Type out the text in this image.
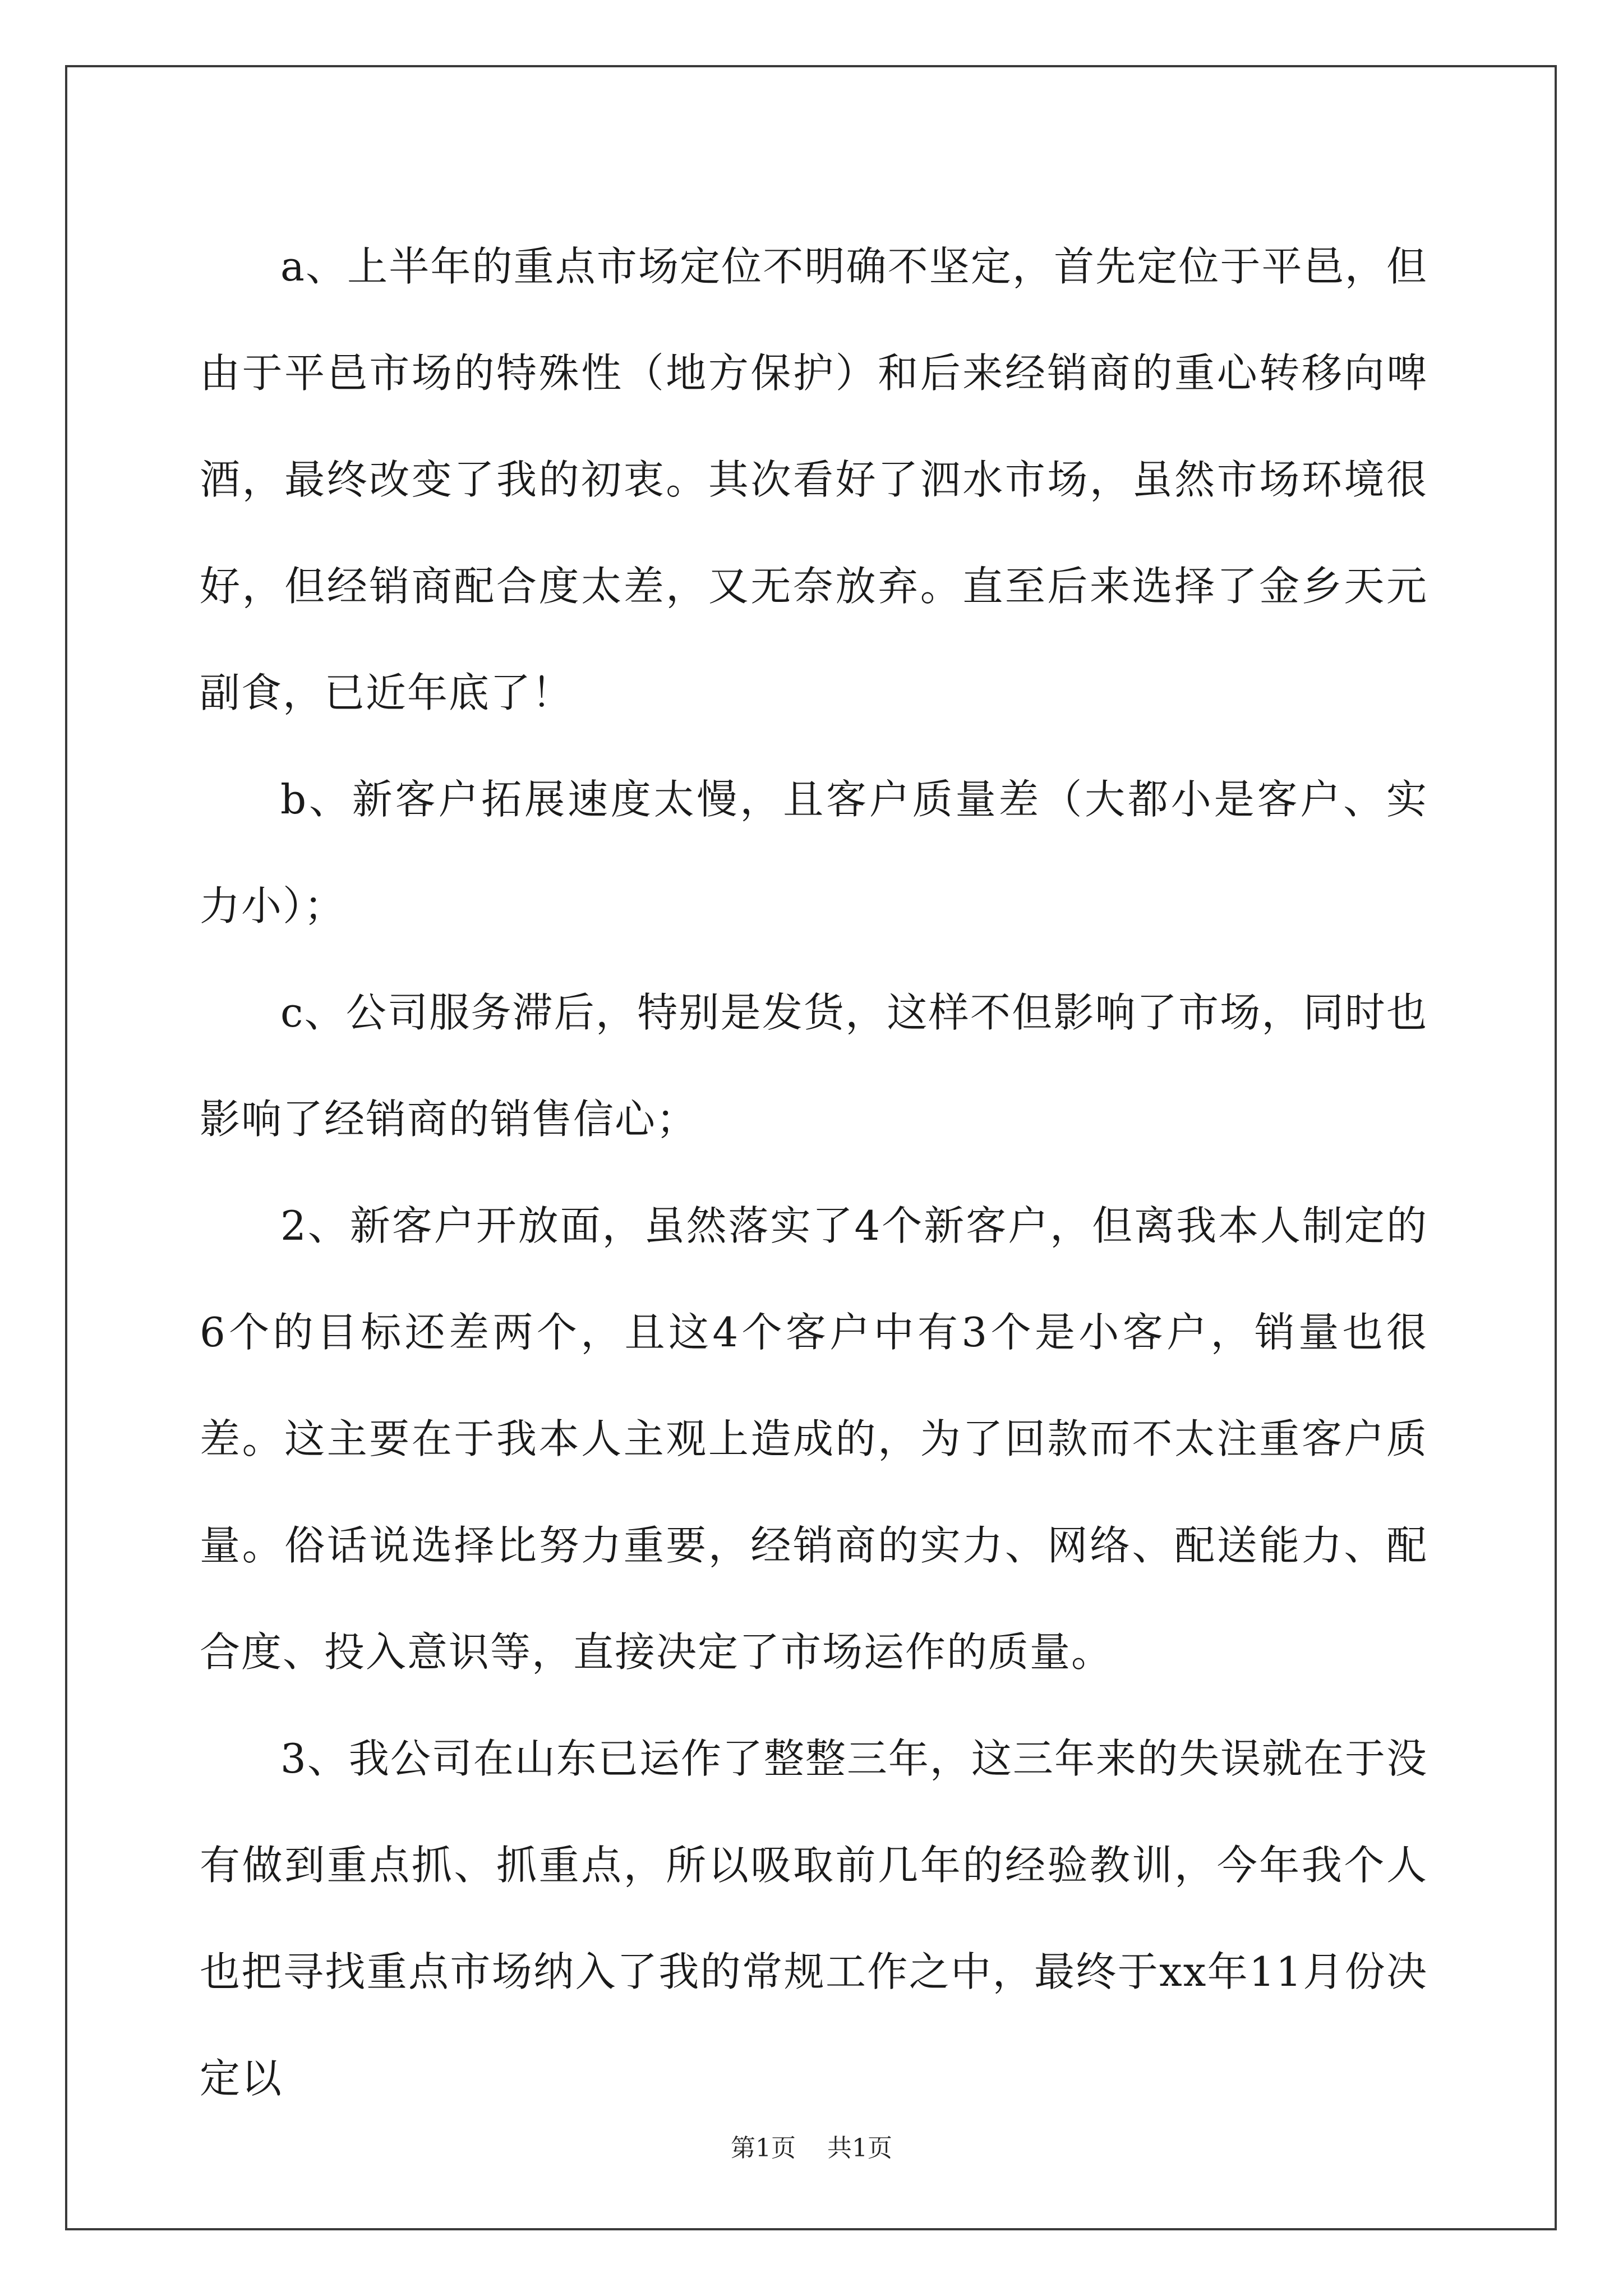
a、上半年的重点市场定位不明确不坚定，首先定位于平邑，但由于平邑市场的特殊性（地方保护）和后来经销商的重心转移向啤酒，最终改变了我的初衷。其次看好了泗水市场，虽然市场环境很好，但经销商配合度太差，又无奈放弃。直至后来选择了金乡天元副食，已近年底了！

b、新客户拓展速度太慢，且客户质量差（大都小是客户、实力小）；

c、公司服务滞后，特别是发货，这样不但影响了市场，同时也影响了经销商的销售信心；

2、新客户开放面，虽然落实了4个新客户，但离我本人制定的6个的目标还差两个，且这4个客户中有3个是小客户，销量也很差。这主要在于我本人主观上造成的，为了回款而不太注重客户质量。俗话说选择比努力重要，经销商的实力、网络、配送能力、配合度、投入意识等，直接决定了市场运作的质量。

3、我公司在山东已运作了整整三年，这三年来的失误就在于没有做到重点抓、抓重点，所以吸取前几年的经验教训，今年我个人也把寻找重点市场纳入了我的常规工作之中，最终于xx年11月份决定以

第1页 共1页
